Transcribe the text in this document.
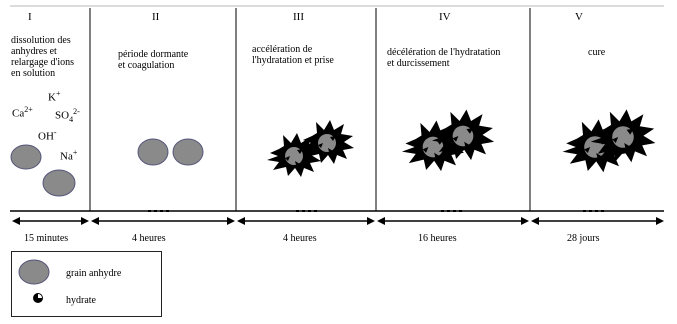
I	II	III	IV	V
dissolution des
anhydres et
relargage d'ions
en solution
$Ca^{2+}$
K+
$SO_4^{2-}$
OH-
Na+
période dormante
et coagulation
accélération de
l'hydratation et prise
décélération de l'hydratation
et durcissement
cure
15 minutes	4 heures	4 heures	16 heures	28 jours
grain anhydre
hydrate
